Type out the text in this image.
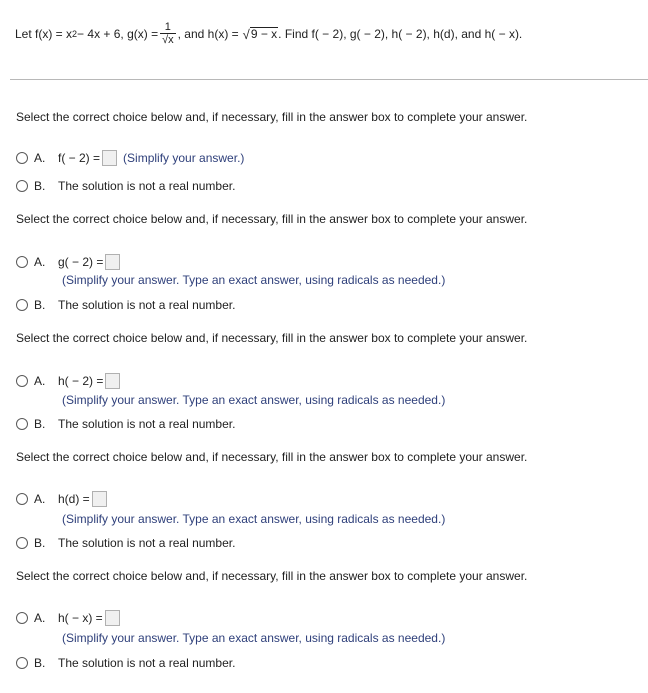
Let f(x) = x 2 − 4x + 6, $g(x) = \frac{1}{√x}$ , and h(x) = √ 9 − x . Find f( − 2), g( − 2), h( − 2), h(d), and h( − x).
Select the correct choice below and, if necessary, fill in the answer box to complete your answer.
A.	f( − 2) = (Simplify your answer.)
B.	The solution is not a real number.
Select the correct choice below and, if necessary, fill in the answer box to complete your answer.
A.	g( − 2) =
(Simplify your answer. Type an exact answer, using radicals as needed.)
B.	The solution is not a real number.
Select the correct choice below and, if necessary, fill in the answer box to complete your answer.
A.	h( − 2) =
(Simplify your answer. Type an exact answer, using radicals as needed.)
B.	The solution is not a real number.
Select the correct choice below and, if necessary, fill in the answer box to complete your answer.
A.	h(d) =
(Simplify your answer. Type an exact answer, using radicals as needed.)
B.	The solution is not a real number.
Select the correct choice below and, if necessary, fill in the answer box to complete your answer.
A.	h( − x) =
(Simplify your answer. Type an exact answer, using radicals as needed.)
B.	The solution is not a real number.
